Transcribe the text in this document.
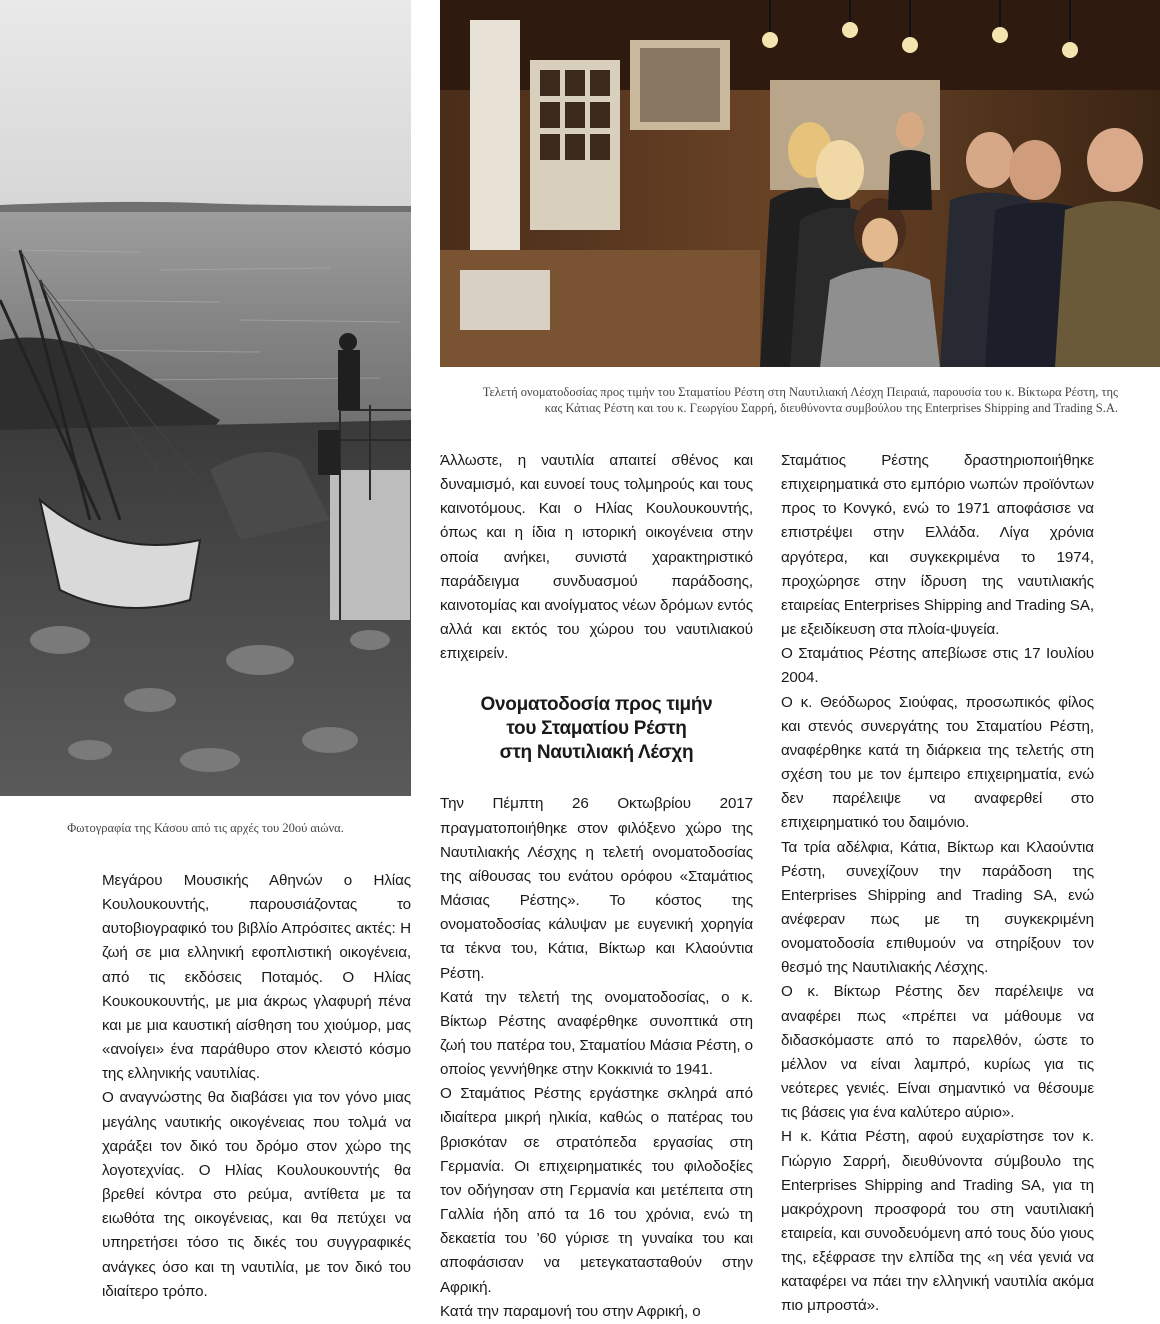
Τελετή ονοματοδοσίας προς τιμήν του Σταματίου Ρέστη στη Ναυτιλιακή Λέσχη Πειραιά, παρουσία του κ. Βίκτωρα Ρέστη, της κας Κάτιας Ρέστη και του κ. Γεωργίου Σαρρή, διευθύνοντα συμβούλου της Enterprises Shipping and Trading S.A.
Φωτογραφία της Κάσου από τις αρχές του 20ού αιώνα.

Μεγάρου Μουσικής Αθηνών ο Ηλίας Κουλουκουντής, παρουσιάζοντας το αυτοβιογραφικό του βιβλίο Απρόσιτες ακτές: Η ζωή σε μια ελληνική εφοπλιστική οικογένεια, από τις εκδόσεις Ποταμός. Ο Ηλίας Κουκουκουντής, με μια άκρως γλαφυρή πένα και με μια καυστική αίσθηση του χιούμορ, μας «ανοίγει» ένα παράθυρο στον κλειστό κόσμο της ελληνικής ναυτιλίας.

Ο αναγνώστης θα διαβάσει για τον γόνο μιας μεγάλης ναυτικής οικογένειας που τολμά να χαράξει τον δικό του δρόμο στον χώρο της λογοτεχνίας. Ο Ηλίας Κουλουκουντής θα βρεθεί κόντρα στο ρεύμα, αντίθετα με τα ειωθότα της οικογένειας, και θα πετύχει να υπηρετήσει τόσο τις δικές του συγγραφικές ανάγκες όσο και τη ναυτιλία, με τον δικό του ιδιαίτερο τρόπο.

Άλλωστε, η ναυτιλία απαιτεί σθένος και δυναμισμό, και ευνοεί τους τολμηρούς και τους καινοτόμους. Και ο Ηλίας Κουλουκουντής, όπως και η ίδια η ιστορική οικογένεια στην οποία ανήκει, συνιστά χαρακτηριστικό παράδειγμα συνδυασμού παράδοσης, καινοτομίας και ανοίγματος νέων δρόμων εντός αλλά και εκτός του χώρου του ναυτιλιακού επιχειρείν.

Ονοματοδοσία προς τιμήν
του Σταματίου Ρέστη
στη Ναυτιλιακή Λέσχη

Την Πέμπτη 26 Οκτωβρίου 2017 πραγματοποιήθηκε στον φιλόξενο χώρο της Ναυτιλιακής Λέσχης η τελετή ονοματοδοσίας της αίθουσας του ενάτου ορόφου «Σταμάτιος Μάσιας Ρέστης». Το κόστος της ονοματοδοσίας κάλυψαν με ευγενική χορηγία τα τέκνα του, Κάτια, Βίκτωρ και Κλαούντια Ρέστη.

Κατά την τελετή της ονοματοδοσίας, ο κ. Βίκτωρ Ρέστης αναφέρθηκε συνοπτικά στη ζωή του πατέρα του, Σταματίου Μάσια Ρέστη, ο οποίος γεννήθηκε στην Κοκκινιά το 1941.

Ο Σταμάτιος Ρέστης εργάστηκε σκληρά από ιδιαίτερα μικρή ηλικία, καθώς ο πατέρας του βρισκόταν σε στρατόπεδα εργασίας στη Γερμανία. Οι επιχειρηματικές του φιλοδοξίες τον οδήγησαν στη Γερμανία και μετέπειτα στη Γαλλία ήδη από τα 16 του χρόνια, ενώ τη δεκαετία του ’60 γύρισε τη γυναίκα του και αποφάσισαν να μετεγκατασταθούν στην Αφρική.

Κατά την παραμονή του στην Αφρική, ο

Σταμάτιος Ρέστης δραστηριοποιήθηκε επιχειρηματικά στο εμπόριο νωπών προϊόντων προς το Κονγκό, ενώ το 1971 αποφάσισε να επιστρέψει στην Ελλάδα. Λίγα χρόνια αργότερα, και συγκεκριμένα το 1974, προχώρησε στην ίδρυση της ναυτιλιακής εταιρείας Enterprises Shipping and Trading SA, με εξειδίκευση στα πλοία-ψυγεία.

Ο Σταμάτιος Ρέστης απεβίωσε στις 17 Ιουλίου 2004.

Ο κ. Θεόδωρος Σιούφας, προσωπικός φίλος και στενός συνεργάτης του Σταματίου Ρέστη, αναφέρθηκε κατά τη διάρκεια της τελετής στη σχέση του με τον έμπειρο επιχειρηματία, ενώ δεν παρέλειψε να αναφερθεί στο επιχειρηματικό του δαιμόνιο.

Τα τρία αδέλφια, Κάτια, Βίκτωρ και Κλαούντια Ρέστη, συνεχίζουν την παράδοση της Enterprises Shipping and Trading SA, ενώ ανέφεραν πως με τη συγκεκριμένη ονοματοδοσία επιθυμούν να στηρίξουν τον θεσμό της Ναυτιλιακής Λέσχης.

Ο κ. Βίκτωρ Ρέστης δεν παρέλειψε να αναφέρει πως «πρέπει να μάθουμε να διδασκόμαστε από το παρελθόν, ώστε το μέλλον να είναι λαμπρό, κυρίως για τις νεότερες γενιές. Είναι σημαντικό να θέσουμε τις βάσεις για ένα καλύτερο αύριο».

Η κ. Κάτια Ρέστη, αφού ευχαρίστησε τον κ. Γιώργιο Σαρρή, διευθύνοντα σύμβουλο της Enterprises Shipping and Trading SA, για τη μακρόχρονη προσφορά του στη ναυτιλιακή εταιρεία, και συνοδευόμενη από τους δύο γιους της, εξέφρασε την ελπίδα της «η νέα γενιά να καταφέρει να πάει την ελληνική ναυτιλία ακόμα πιο μπροστά».
